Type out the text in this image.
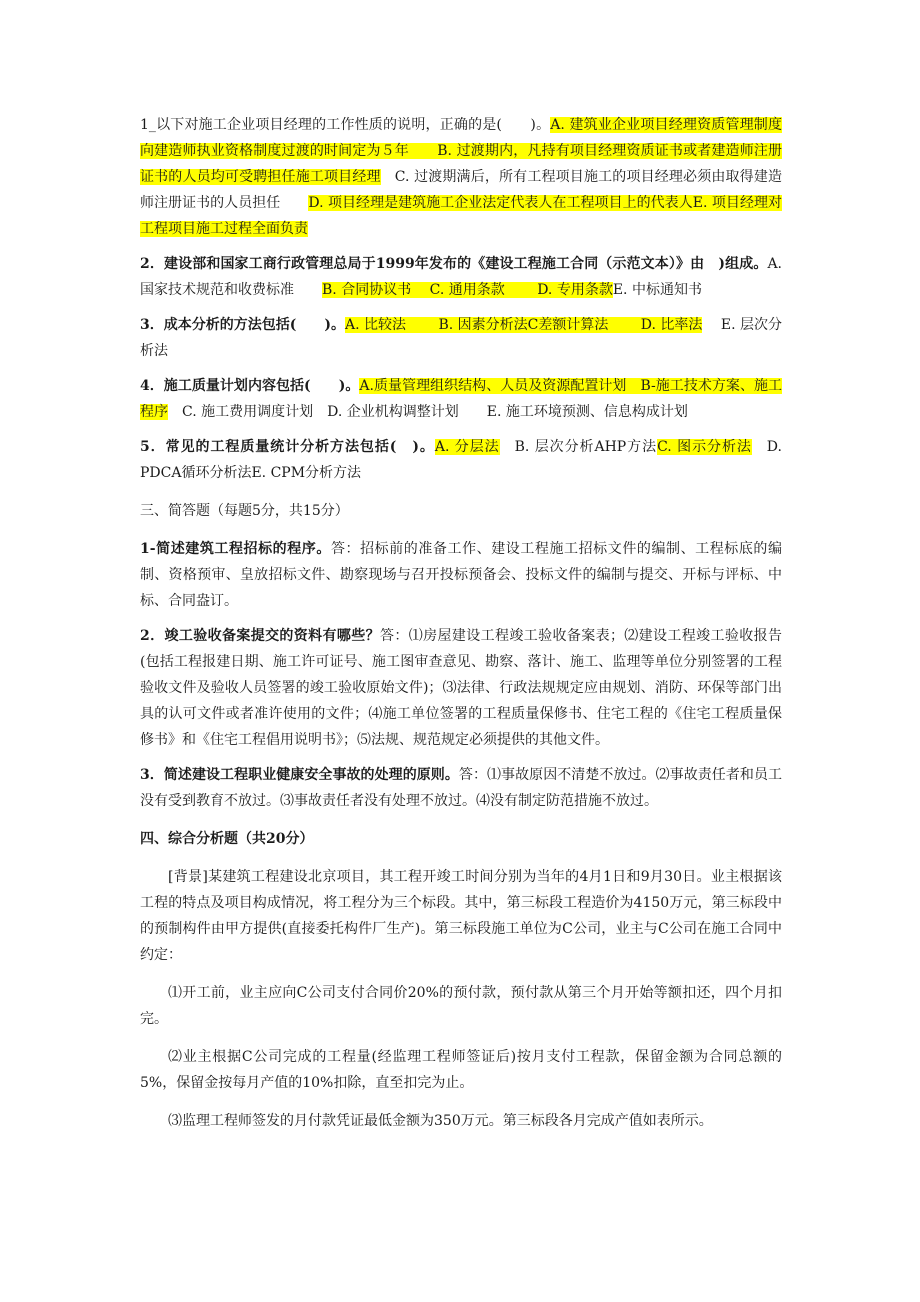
1_以下对施工企业项目经理的工作性质的说明，正确的是(　　)。A. 建筑业企业项目经理资质管理制度向建造师执业资格制度过渡的时间定为５年　　 B. 过渡期内，凡持有项目经理资质证书或者建造师注册证书的人员均可受聘担任施工项目经理　C. 过渡期满后，所有工程项目施工的项目经理必须由取得建造师注册证书的人员担任　　D. 项目经理是建筑施工企业法定代表人在工程项目上的代表人E. 项目经理对工程项目施工过程全面负责

2．建设部和国家工商行政管理总局于1999年发布的《建设工程施工合同（示范文本）》由　)组成。A.国家技术规范和收费标准　　B. 合同协议书　 C. 通用条款　　 D. 专用条款E. 中标通知书

3．成本分析的方法包括(　　)。A. 比较法　　 B. 因素分析法C差额计算法　　 D. 比率法　 E. 层次分析法

4．施工质量计划内容包括(　　)。A.质量管理组织结构、人员及资源配置计划　B-施工技术方案、施工程序　C. 施工费用调度计划　D. 企业机构调整计划　　E. 施工环境预测、信息构成计划

5．常见的工程质量统计分析方法包括(　)。A. 分层法　B. 层次分析AHP方法C. 图示分析法　D. PDCA循环分析法E. CPM分析方法

三、简答题（每题5分，共15分）

1-简述建筑工程招标的程序。答：招标前的准备工作、建设工程施工招标文件的编制、工程标底的编制、资格预审、皇放招标文件、勘察现场与召开投标预备会、投标文件的编制与提交、开标与评标、中标、合同盎订。

2．竣工验收备案提交的资料有哪些？答：⑴房屋建设工程竣工验收备案表；⑵建设工程竣工验收报告(包括工程报建日期、施工许可证号、施工图审查意见、勘察、落计、施工、监理等单位分别签署的工程验收文件及验收人员签署的竣工验收原始文件)；⑶法律、行政法规规定应由规划、消防、环保等部门出具的认可文件或者准许使用的文件；⑷施工单位签署的工程质量保修书、住宅工程的《住宅工程质量保修书》和《住宅工程倡用说明书》；⑸法规、规范规定必须提供的其他文件。

3．简述建设工程职业健康安全事故的处理的原则。答：⑴事故原因不清楚不放过。⑵事故责任者和员工没有受到教育不放过。⑶事故责任者没有处理不放过。⑷没有制定防范措施不放过。

四、综合分析题（共20分）

[背景]某建筑工程建设北京项目，其工程开竣工时间分别为当年的4月1日和9月30日。业主根据该工程的特点及项目构成情况，将工程分为三个标段。其中，第三标段工程造价为4150万元，第三标段中的预制构件由甲方提供(直接委托构件厂生产)。第三标段施工单位为C公司，业主与C公司在施工合同中约定：

⑴开工前，业主应向C公司支付合同价20%的预付款，预付款从第三个月开始等额扣还，四个月扣完。

⑵业主根据C公司完成的工程量(经监理工程师签证后)按月支付工程款，保留金额为合同总额的5%，保留金按每月产值的10%扣除，直至扣完为止。

⑶监理工程师签发的月付款凭证最低金额为350万元。第三标段各月完成产值如表所示。
